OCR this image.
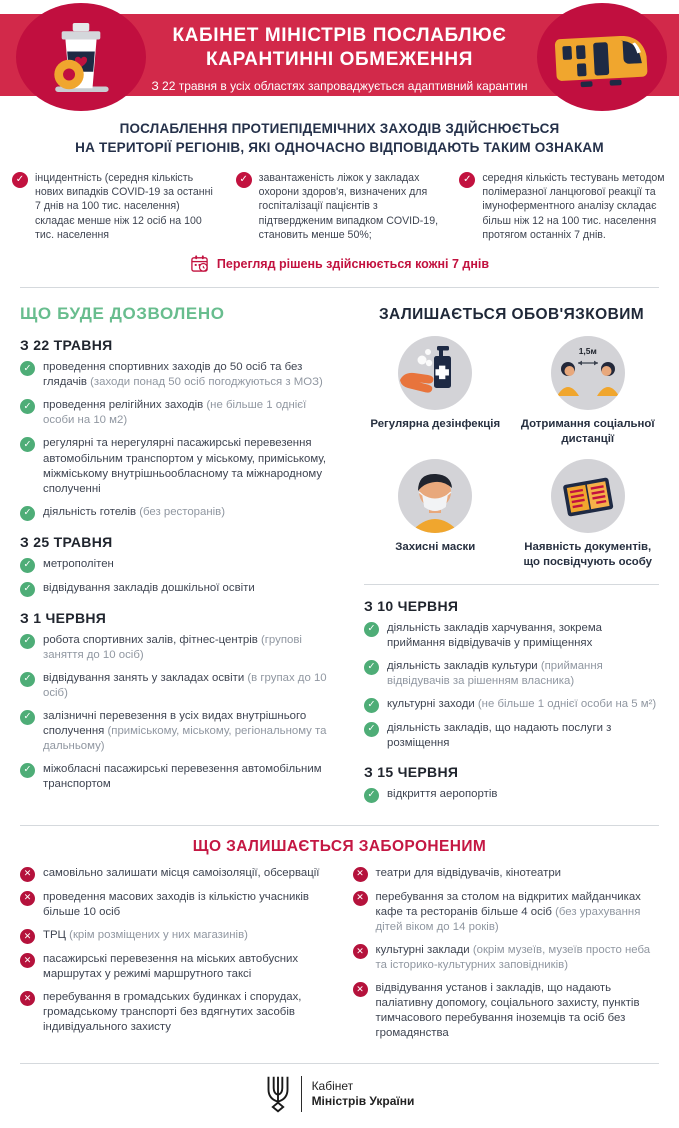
КАБІНЕТ МІНІСТРІВ ПОСЛАБЛЮЄ
КАРАНТИННІ ОБМЕЖЕННЯ
З 22 травня в усіх областях запроваджується адаптивний карантин
ПОСЛАБЛЕННЯ ПРОТИЕПІДЕМІЧНИХ ЗАХОДІВ ЗДІЙСНЮЄТЬСЯ
НА ТЕРИТОРІЇ РЕГІОНІВ, ЯКІ ОДНОЧАСНО ВІДПОВІДАЮТЬ ТАКИМ ОЗНАКАМ
✓	інцидентність (середня кількість нових випадків COVID-19 за останні 7 днів на 100 тис. населення) складає менше ніж 12 осіб на 100 тис. населення
✓	завантаженість ліжок у закладах охорони здоров'я, визначених для госпіталізації пацієнтів з підтвердженим випадком COVID-19, становить менше 50%;
✓	середня кількість тестувань методом полімеразної ланцюгової реакції та імуноферментного аналізу складає більш ніж 12 на 100 тис. населення протягом останніх 7 днів.
Перегляд рішень здійснюється кожні 7 днів
ЩО БУДЕ ДОЗВОЛЕНО
З 22 ТРАВНЯ
✓	проведення спортивних заходів до 50 осіб та без глядачів (заходи понад 50 осіб погоджуються з МОЗ)
✓	проведення релігійних заходів (не більше 1 однієї особи на 10 м2)
✓	регулярні та нерегулярні пасажирські перевезення автомобільним транспортом у міському, приміському, міжміському внутрішньообласному та міжнародному сполученні
✓	діяльність готелів (без ресторанів)
З 25 ТРАВНЯ
✓	метрополітен
✓	відвідування закладів дошкільної освіти
З 1 ЧЕРВНЯ
✓	робота спортивних залів, фітнес-центрів (групові заняття до 10 осіб)
✓	відвідування занять у закладах освіти (в групах до 10 осіб)
✓	залізничні перевезення в усіх видах внутрішнього сполучення (приміському, міському, регіональному та дальньому)
✓	міжобласні пасажирські перевезення автомобільним транспортом
ЗАЛИШАЄТЬСЯ ОБОВ'ЯЗКОВИМ
Регулярна дезінфекція
1,5м
Дотримання соціальної дистанції
Захисні маски	Наявність документів, що посвідчують особу
З 10 ЧЕРВНЯ
✓	діяльність закладів харчування, зокрема приймання відвідувачів у приміщеннях
✓	діяльність закладів культури (приймання відвідувачів за рішенням власника)
✓	культурні заходи (не більше 1 однієї особи на 5 м²)
✓	діяльність закладів, що надають послуги з розміщення
З 15 ЧЕРВНЯ
✓	відкриття аеропортів
ЩО ЗАЛИШАЄТЬСЯ ЗАБОРОНЕНИМ
✕	самовільно залишати місця самоізоляції, обсервації
✕	проведення масових заходів із кількістю учасників більше 10 осіб
✕	ТРЦ (крім розміщених у них магазинів)
✕	пасажирські перевезення на міських автобусних маршрутах у режимі маршрутного таксі
✕	перебування в громадських будинках і спорудах, громадському транспорті без вдягнутих засобів індивідуального захисту
✕	театри для відвідувачів, кінотеатри
✕	перебування за столом на відкритих майданчиках кафе та ресторанів більше 4 осіб (без урахування дітей віком до 14 років)
✕	культурні заклади (окрім музеїв, музеїв просто неба та історико-культурних заповідників)
✕	відвідування установ і закладів, що надають паліативну допомогу, соціального захисту, пунктів тимчасового перебування іноземців та осіб без громадянства
Кабінет
Міністрів України
